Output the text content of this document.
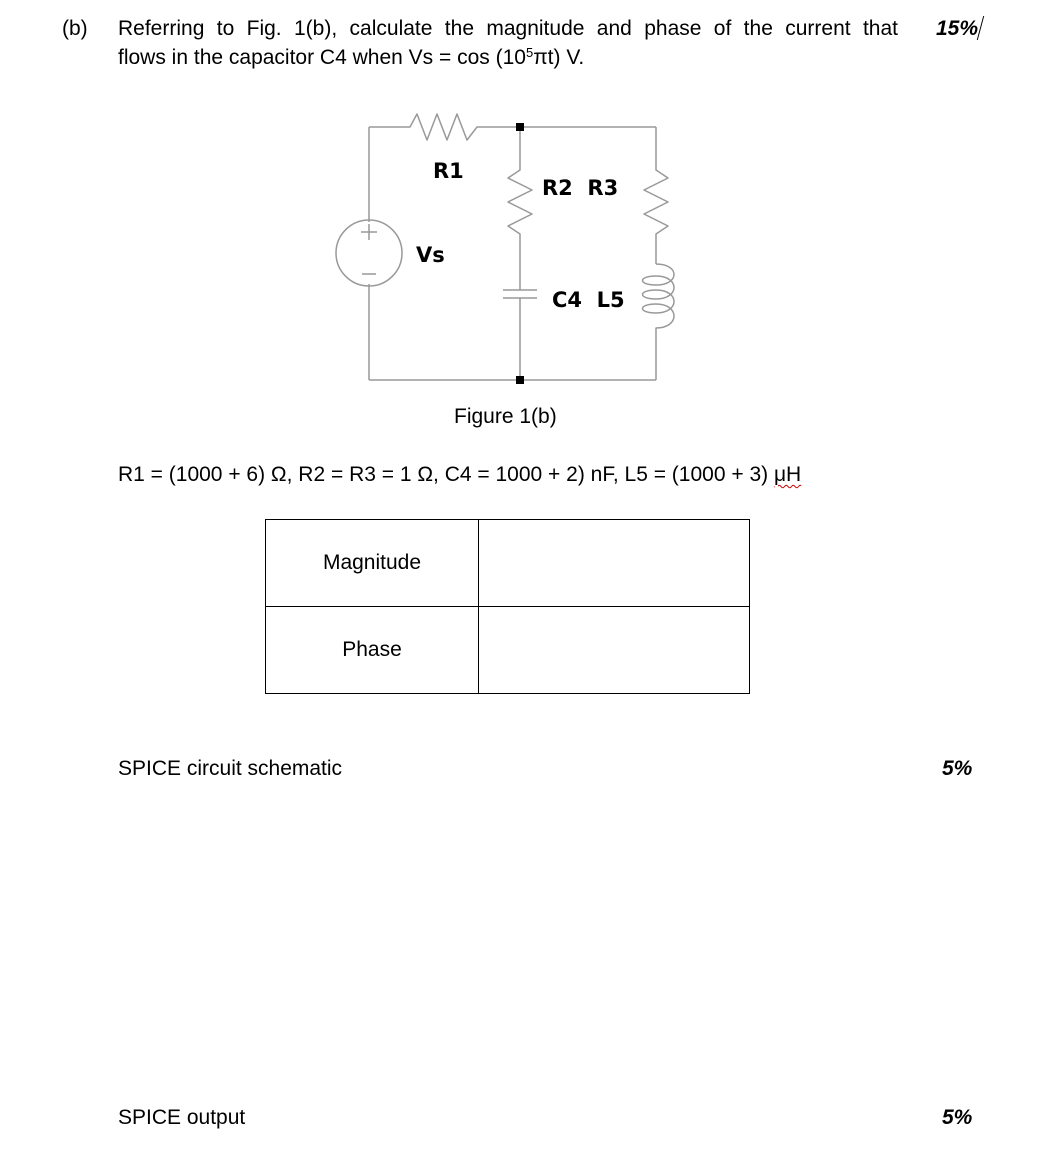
(b) Referring to Fig. 1(b), calculate the magnitude and phase of the current that
flows in the capacitor C4 when $Vs = \cos (10^5\pi t)$ V.
15%
R1
Vs
R2  R3
C4  L5
Figure 1(b)
R1 = (1000 + 6) Ω, R2 = R3 = 1 Ω, C4 = 1000 + 2) nF, L5 = (1000 + 3) μH
Magnitude	
Phase	
SPICE circuit schematic	5%
SPICE output	5%
